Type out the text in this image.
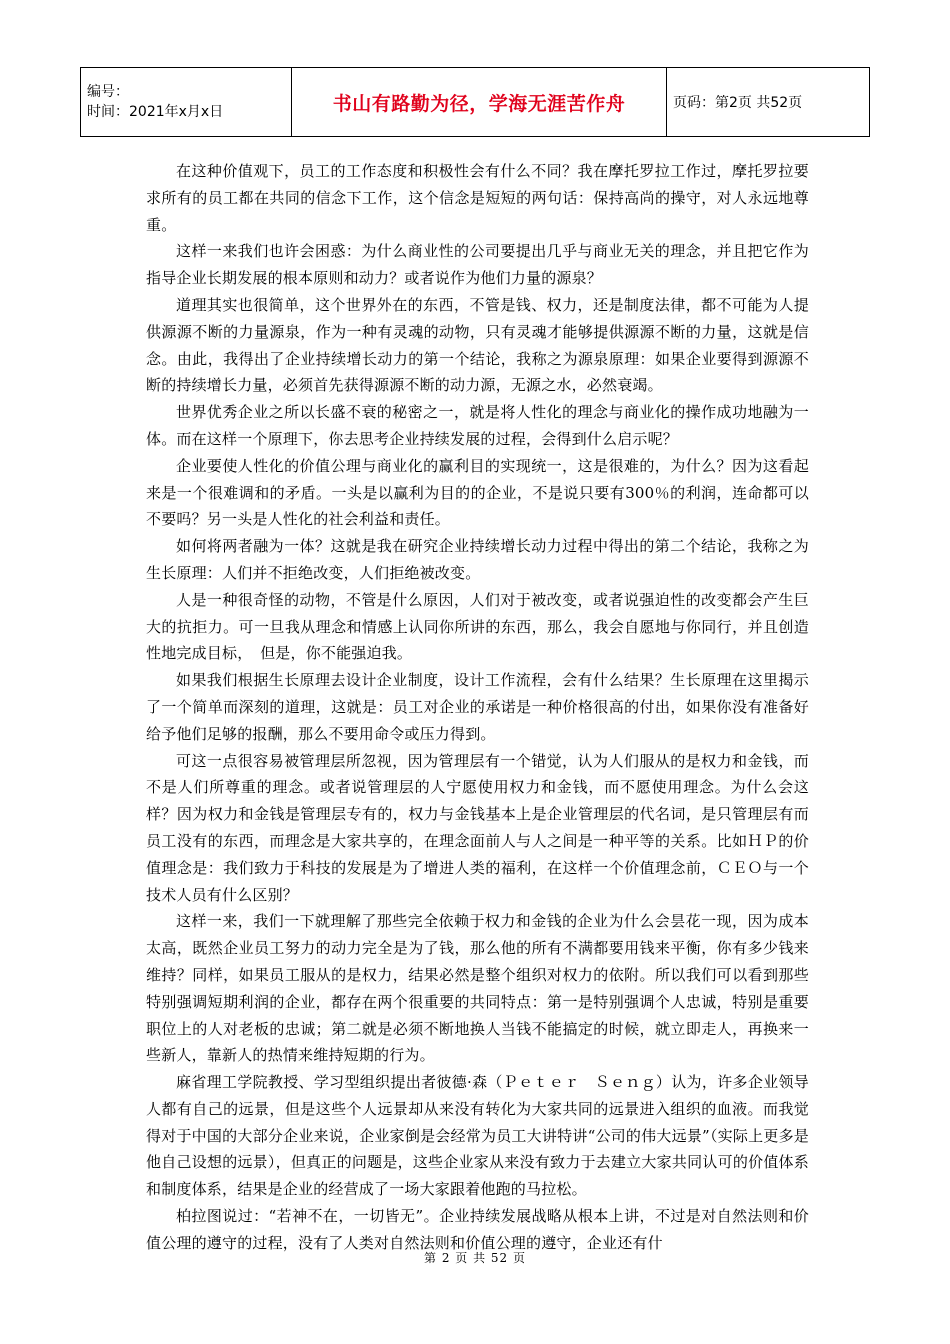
编号：
时间：2021年x月x日	书山有路勤为径，学海无涯苦作舟	页码：第2页 共52页

在这种价值观下，员工的工作态度和积极性会有什么不同？我在摩托罗拉工作过，摩托罗拉要求所有的员工都在共同的信念下工作，这个信念是短短的两句话：保持高尚的操守，对人永远地尊重。

这样一来我们也许会困惑：为什么商业性的公司要提出几乎与商业无关的理念，并且把它作为指导企业长期发展的根本原则和动力？或者说作为他们力量的源泉？

道理其实也很简单，这个世界外在的东西，不管是钱、权力，还是制度法律，都不可能为人提供源源不断的力量源泉，作为一种有灵魂的动物，只有灵魂才能够提供源源不断的力量，这就是信念。由此，我得出了企业持续增长动力的第一个结论，我称之为源泉原理：如果企业要得到源源不断的持续增长力量，必须首先获得源源不断的动力源，无源之水，必然衰竭。

世界优秀企业之所以长盛不衰的秘密之一，就是将人性化的理念与商业化的操作成功地融为一体。而在这样一个原理下，你去思考企业持续发展的过程，会得到什么启示呢？

企业要使人性化的价值公理与商业化的赢利目的实现统一，这是很难的，为什么？因为这看起来是一个很难调和的矛盾。一头是以赢利为目的的企业，不是说只要有300％的利润，连命都可以不要吗？另一头是人性化的社会利益和责任。

如何将两者融为一体？这就是我在研究企业持续增长动力过程中得出的第二个结论，我称之为生长原理：人们并不拒绝改变，人们拒绝被改变。

人是一种很奇怪的动物，不管是什么原因，人们对于被改变，或者说强迫性的改变都会产生巨大的抗拒力。可一旦我从理念和情感上认同你所讲的东西，那么，我会自愿地与你同行，并且创造性地完成目标，　但是，你不能强迫我。

如果我们根据生长原理去设计企业制度，设计工作流程，会有什么结果？生长原理在这里揭示了一个简单而深刻的道理，这就是：员工对企业的承诺是一种价格很高的付出，如果你没有准备好给予他们足够的报酬，那么不要用命令或压力得到。

可这一点很容易被管理层所忽视，因为管理层有一个错觉，认为人们服从的是权力和金钱，而不是人们所尊重的理念。或者说管理层的人宁愿使用权力和金钱，而不愿使用理念。为什么会这样？因为权力和金钱是管理层专有的，权力与金钱基本上是企业管理层的代名词，是只管理层有而员工没有的东西，而理念是大家共享的，在理念面前人与人之间是一种平等的关系。比如ＨＰ的价值理念是：我们致力于科技的发展是为了增进人类的福利，在这样一个价值理念前，ＣＥＯ与一个技术人员有什么区别？

这样一来，我们一下就理解了那些完全依赖于权力和金钱的企业为什么会昙花一现，因为成本太高，既然企业员工努力的动力完全是为了钱，那么他的所有不满都要用钱来平衡，你有多少钱来维持？同样，如果员工服从的是权力，结果必然是整个组织对权力的依附。所以我们可以看到那些特别强调短期利润的企业，都存在两个很重要的共同特点：第一是特别强调个人忠诚，特别是重要职位上的人对老板的忠诚；第二就是必须不断地换人当钱不能搞定的时候，就立即走人，再换来一些新人，靠新人的热情来维持短期的行为。

麻省理工学院教授、学习型组织提出者彼德·森（Ｐｅｔｅｒ　Ｓｅｎｇ）认为，许多企业领导人都有自己的远景，但是这些个人远景却从来没有转化为大家共同的远景进入组织的血液。而我觉得对于中国的大部分企业来说，企业家倒是会经常为员工大讲特讲“公司的伟大远景”（实际上更多是他自己设想的远景），但真正的问题是，这些企业家从来没有致力于去建立大家共同认可的价值体系和制度体系，结果是企业的经营成了一场大家跟着他跑的马拉松。

柏拉图说过：“若神不在，一切皆无”。企业持续发展战略从根本上讲，不过是对自然法则和价值公理的遵守的过程，没有了人类对自然法则和价值公理的遵守，企业还有什

第 2 页 共 52 页
